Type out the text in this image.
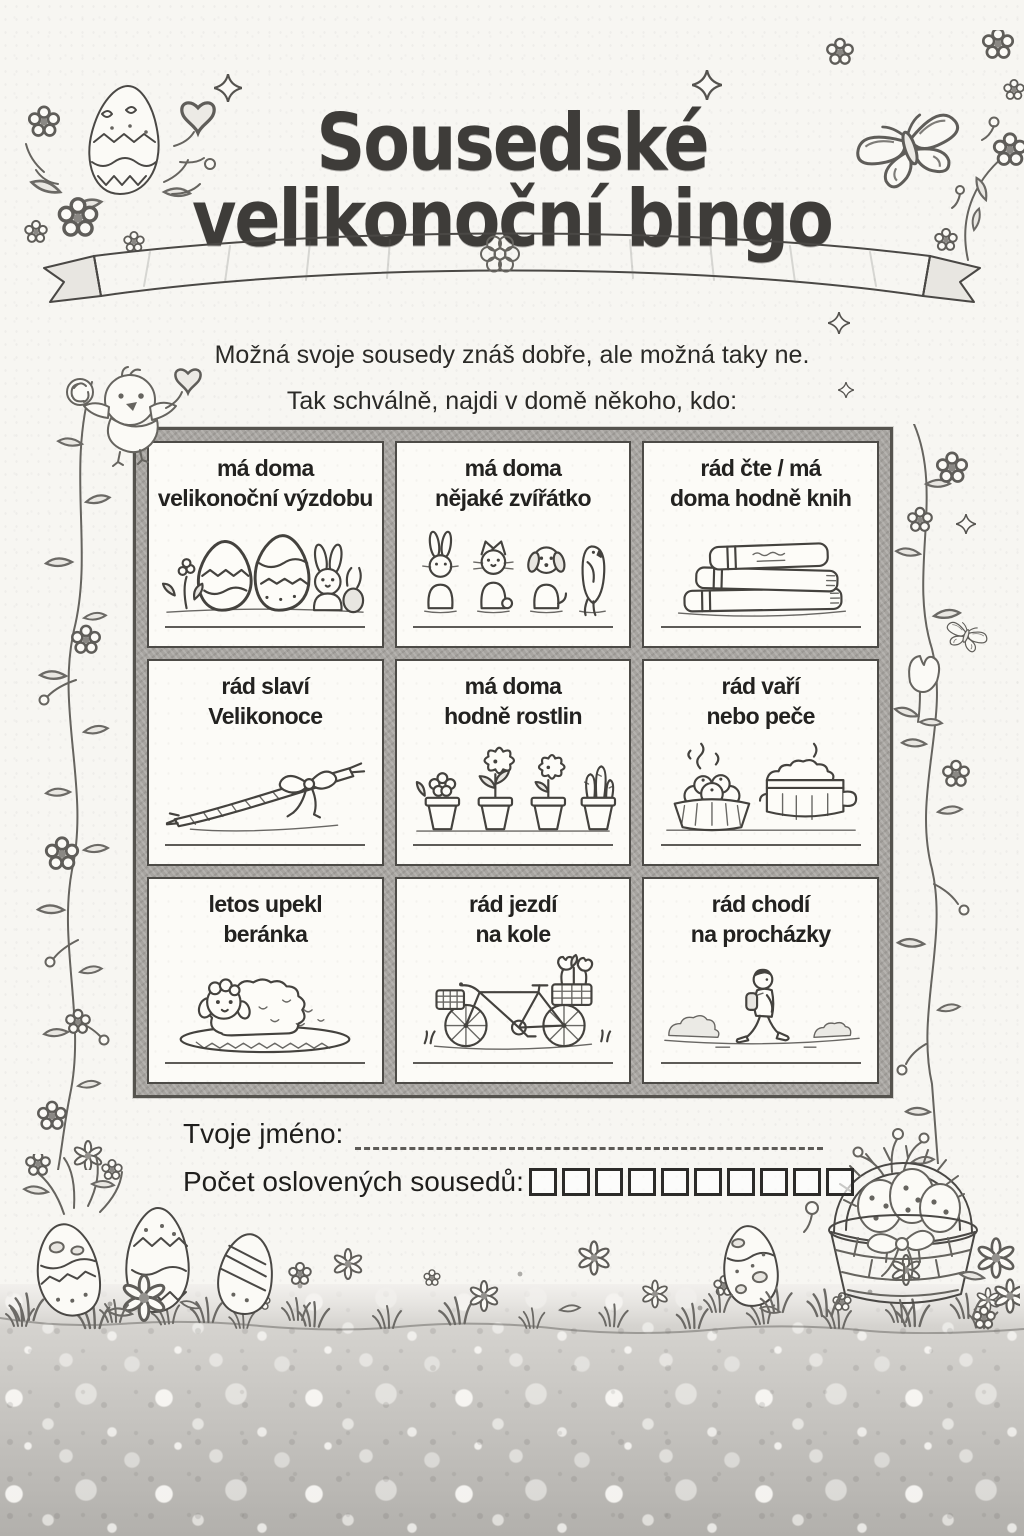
Sousedské
velikonoční bingo

Možná svoje sousedy znáš dobře, ale možná taky ne.

Tak schválně, najdi v domě někoho, kdo:

má doma
velikonoční výzdobu
má doma
nějaké zvířátko
rád čte / má
doma hodně knih
rád slaví
Velikonoce
má doma
hodně rostlin
rád vaří
nebo peče
letos upekl
beránka
rád jezdí
na kole
rád chodí
na procházky
Tvoje jméno:
Počet oslovených sousedů:
